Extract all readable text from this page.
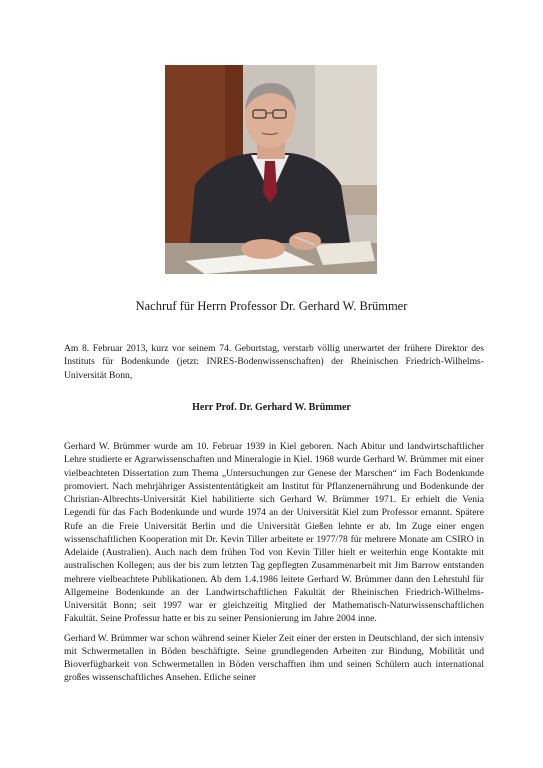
Nachruf für Herrn Professor Dr. Gerhard W. Brümmer
Am 8. Februar 2013, kurz vor seinem 74. Geburtstag, verstarb völlig unerwartet der frühere Direktor des Instituts für Bodenkunde (jetzt: INRES-Bodenwissenschaften) der Rheinischen Friedrich-Wilhelms-Universität Bonn,
Herr Prof. Dr. Gerhard W. Brümmer

Gerhard W. Brümmer wurde am 10. Februar 1939 in Kiel geboren. Nach Abitur und landwirtschaftlicher Lehre studierte er Agrarwissenschaften und Mineralogie in Kiel. 1968 wurde Gerhard W. Brümmer mit einer vielbeachteten Dissertation zum Thema „Untersuchungen zur Genese der Marschen“ im Fach Bodenkunde promoviert. Nach mehrjähriger Assistententätigkeit am Institut für Pflanzenernährung und Bodenkunde der Christian-Albrechts-Universität Kiel habilitierte sich Gerhard W. Brümmer 1971. Er erhielt die Venia Legendi für das Fach Bodenkunde und wurde 1974 an der Universität Kiel zum Professor ernannt. Spätere Rufe an die Freie Universität Berlin und die Universität Gießen lehnte er ab. Im Zuge einer engen wissenschaftlichen Kooperation mit Dr. Kevin Tiller arbeitete er 1977/78 für mehrere Monate am CSIRO in Adelaide (Australien). Auch nach dem frühen Tod von Kevin Tiller hielt er weiterhin enge Kontakte mit australischen Kollegen; aus der bis zum letzten Tag gepflegten Zusammenarbeit mit Jim Barrow entstanden mehrere vielbeachtete Publikationen. Ab dem 1.4.1986 leitete Gerhard W. Brümmer dann den Lehrstuhl für Allgemeine Bodenkunde an der Landwirtschaftlichen Fakultät der Rheinischen Friedrich-Wilhelms-Universität Bonn; seit 1997 war er gleichzeitig Mitglied der Mathematisch-Naturwissenschaftlichen Fakultät. Seine Professur hatte er bis zu seiner Pensionierung im Jahre 2004 inne.

Gerhard W. Brümmer war schon während seiner Kieler Zeit einer der ersten in Deutschland, der sich intensiv mit Schwermetallen in Böden beschäftigte. Seine grundlegenden Arbeiten zur Bindung, Mobilität und Bioverfügbarkeit von Schwermetallen in Böden verschafften ihm und seinen Schülern auch international großes wissenschaftliches Ansehen. Etliche seiner
